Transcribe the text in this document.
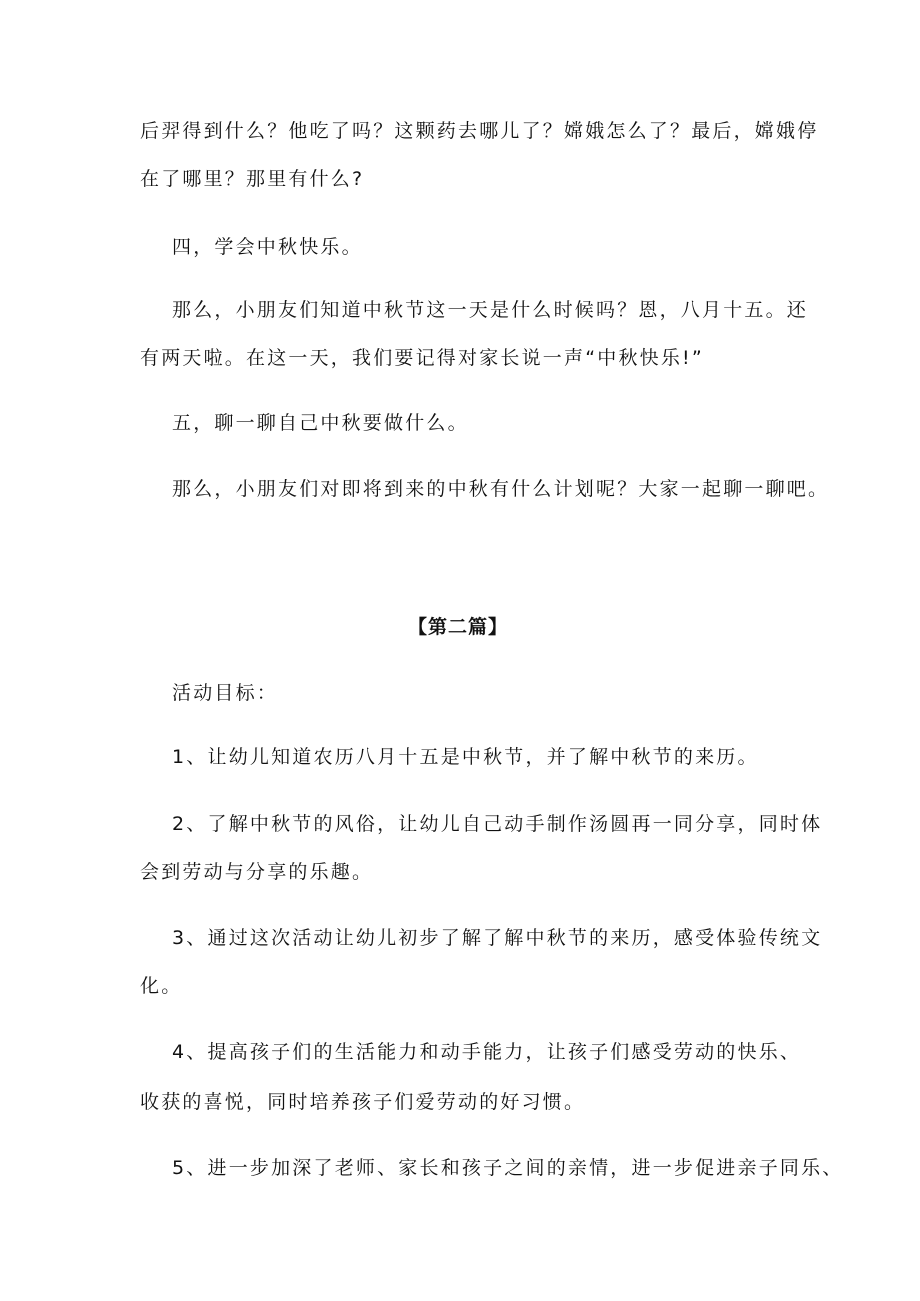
后羿得到什么？他吃了吗？这颗药去哪儿了？嫦娥怎么了？最后，嫦娥停
在了哪里？那里有什么?
四，学会中秋快乐。
那么，小朋友们知道中秋节这一天是什么时候吗？恩，八月十五。还
有两天啦。在这一天，我们要记得对家长说一声“中秋快乐!”
五，聊一聊自己中秋要做什么。
那么，小朋友们对即将到来的中秋有什么计划呢？大家一起聊一聊吧。
【第二篇】
活动目标：
1、让幼儿知道农历八月十五是中秋节，并了解中秋节的来历。
2、了解中秋节的风俗，让幼儿自己动手制作汤圆再一同分享，同时体
会到劳动与分享的乐趣。
3、通过这次活动让幼儿初步了解了解中秋节的来历，感受体验传统文
化。
4、提高孩子们的生活能力和动手能力，让孩子们感受劳动的快乐、
收获的喜悦，同时培养孩子们爱劳动的好习惯。
5、进一步加深了老师、家长和孩子之间的亲情，进一步促进亲子同乐、
